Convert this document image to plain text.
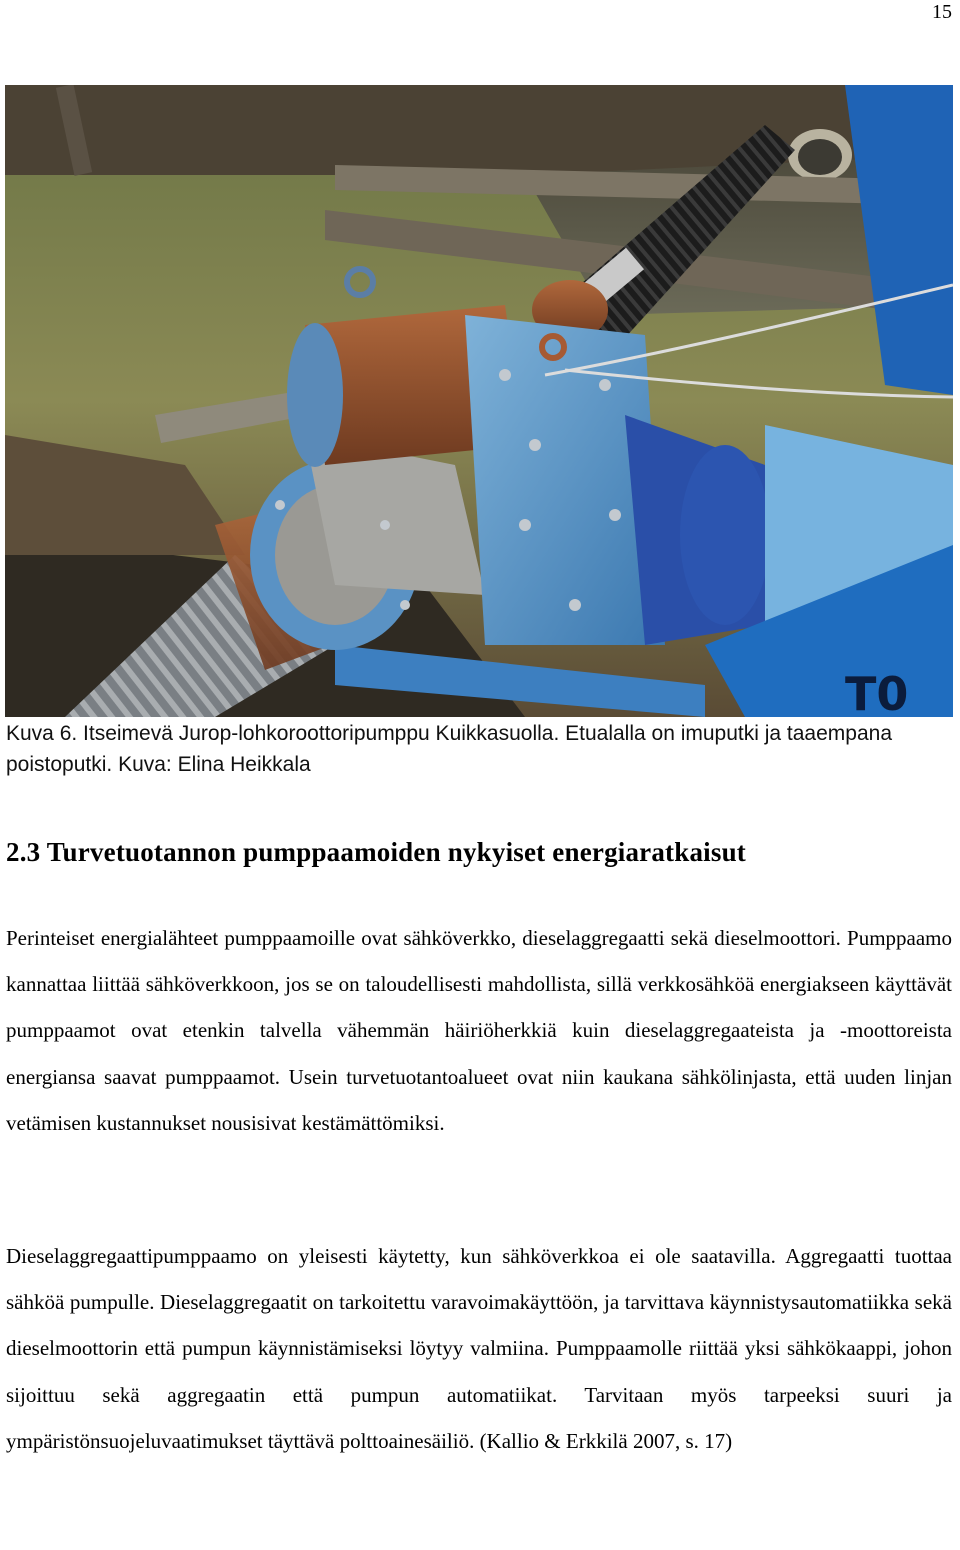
15
T0
Kuva 6. Itseimevä Jurop-lohkoroottoripumppu Kuikkasuolla. Etualalla on imuputki ja taaempana poistoputki. Kuva: Elina Heikkala
2.3 Turvetuotannon pumppaamoiden nykyiset energiaratkaisut
Perinteiset energialähteet pumppaamoille ovat sähköverkko, dieselaggregaatti sekä dieselmoottori. Pumppaamo kannattaa liittää sähköverkkoon, jos se on taloudellisesti mahdollista, sillä verkkosähköä energiakseen käyttävät pumppaamot ovat etenkin talvella vähemmän häiriöherkkiä kuin dieselaggregaateista ja -moottoreista energiansa saavat pumppaamot. Usein turvetuotantoalueet ovat niin kaukana sähkölinjasta, että uuden linjan vetämisen kustannukset nousisivat kestämättömiksi.
Dieselaggregaattipumppaamo on yleisesti käytetty, kun sähköverkkoa ei ole saatavilla. Aggregaatti tuottaa sähköä pumpulle. Dieselaggregaatit on tarkoitettu varavoimakäyttöön, ja tarvittava käynnistysautomatiikka sekä dieselmoottorin että pumpun käynnistämiseksi löytyy valmiina. Pumppaamolle riittää yksi sähkökaappi, johon sijoittuu sekä aggregaatin että pumpun automatiikat. Tarvitaan myös tarpeeksi suuri ja ympäristönsuojeluvaatimukset täyttävä polttoainesäiliö. (Kallio & Erkkilä 2007, s. 17)
